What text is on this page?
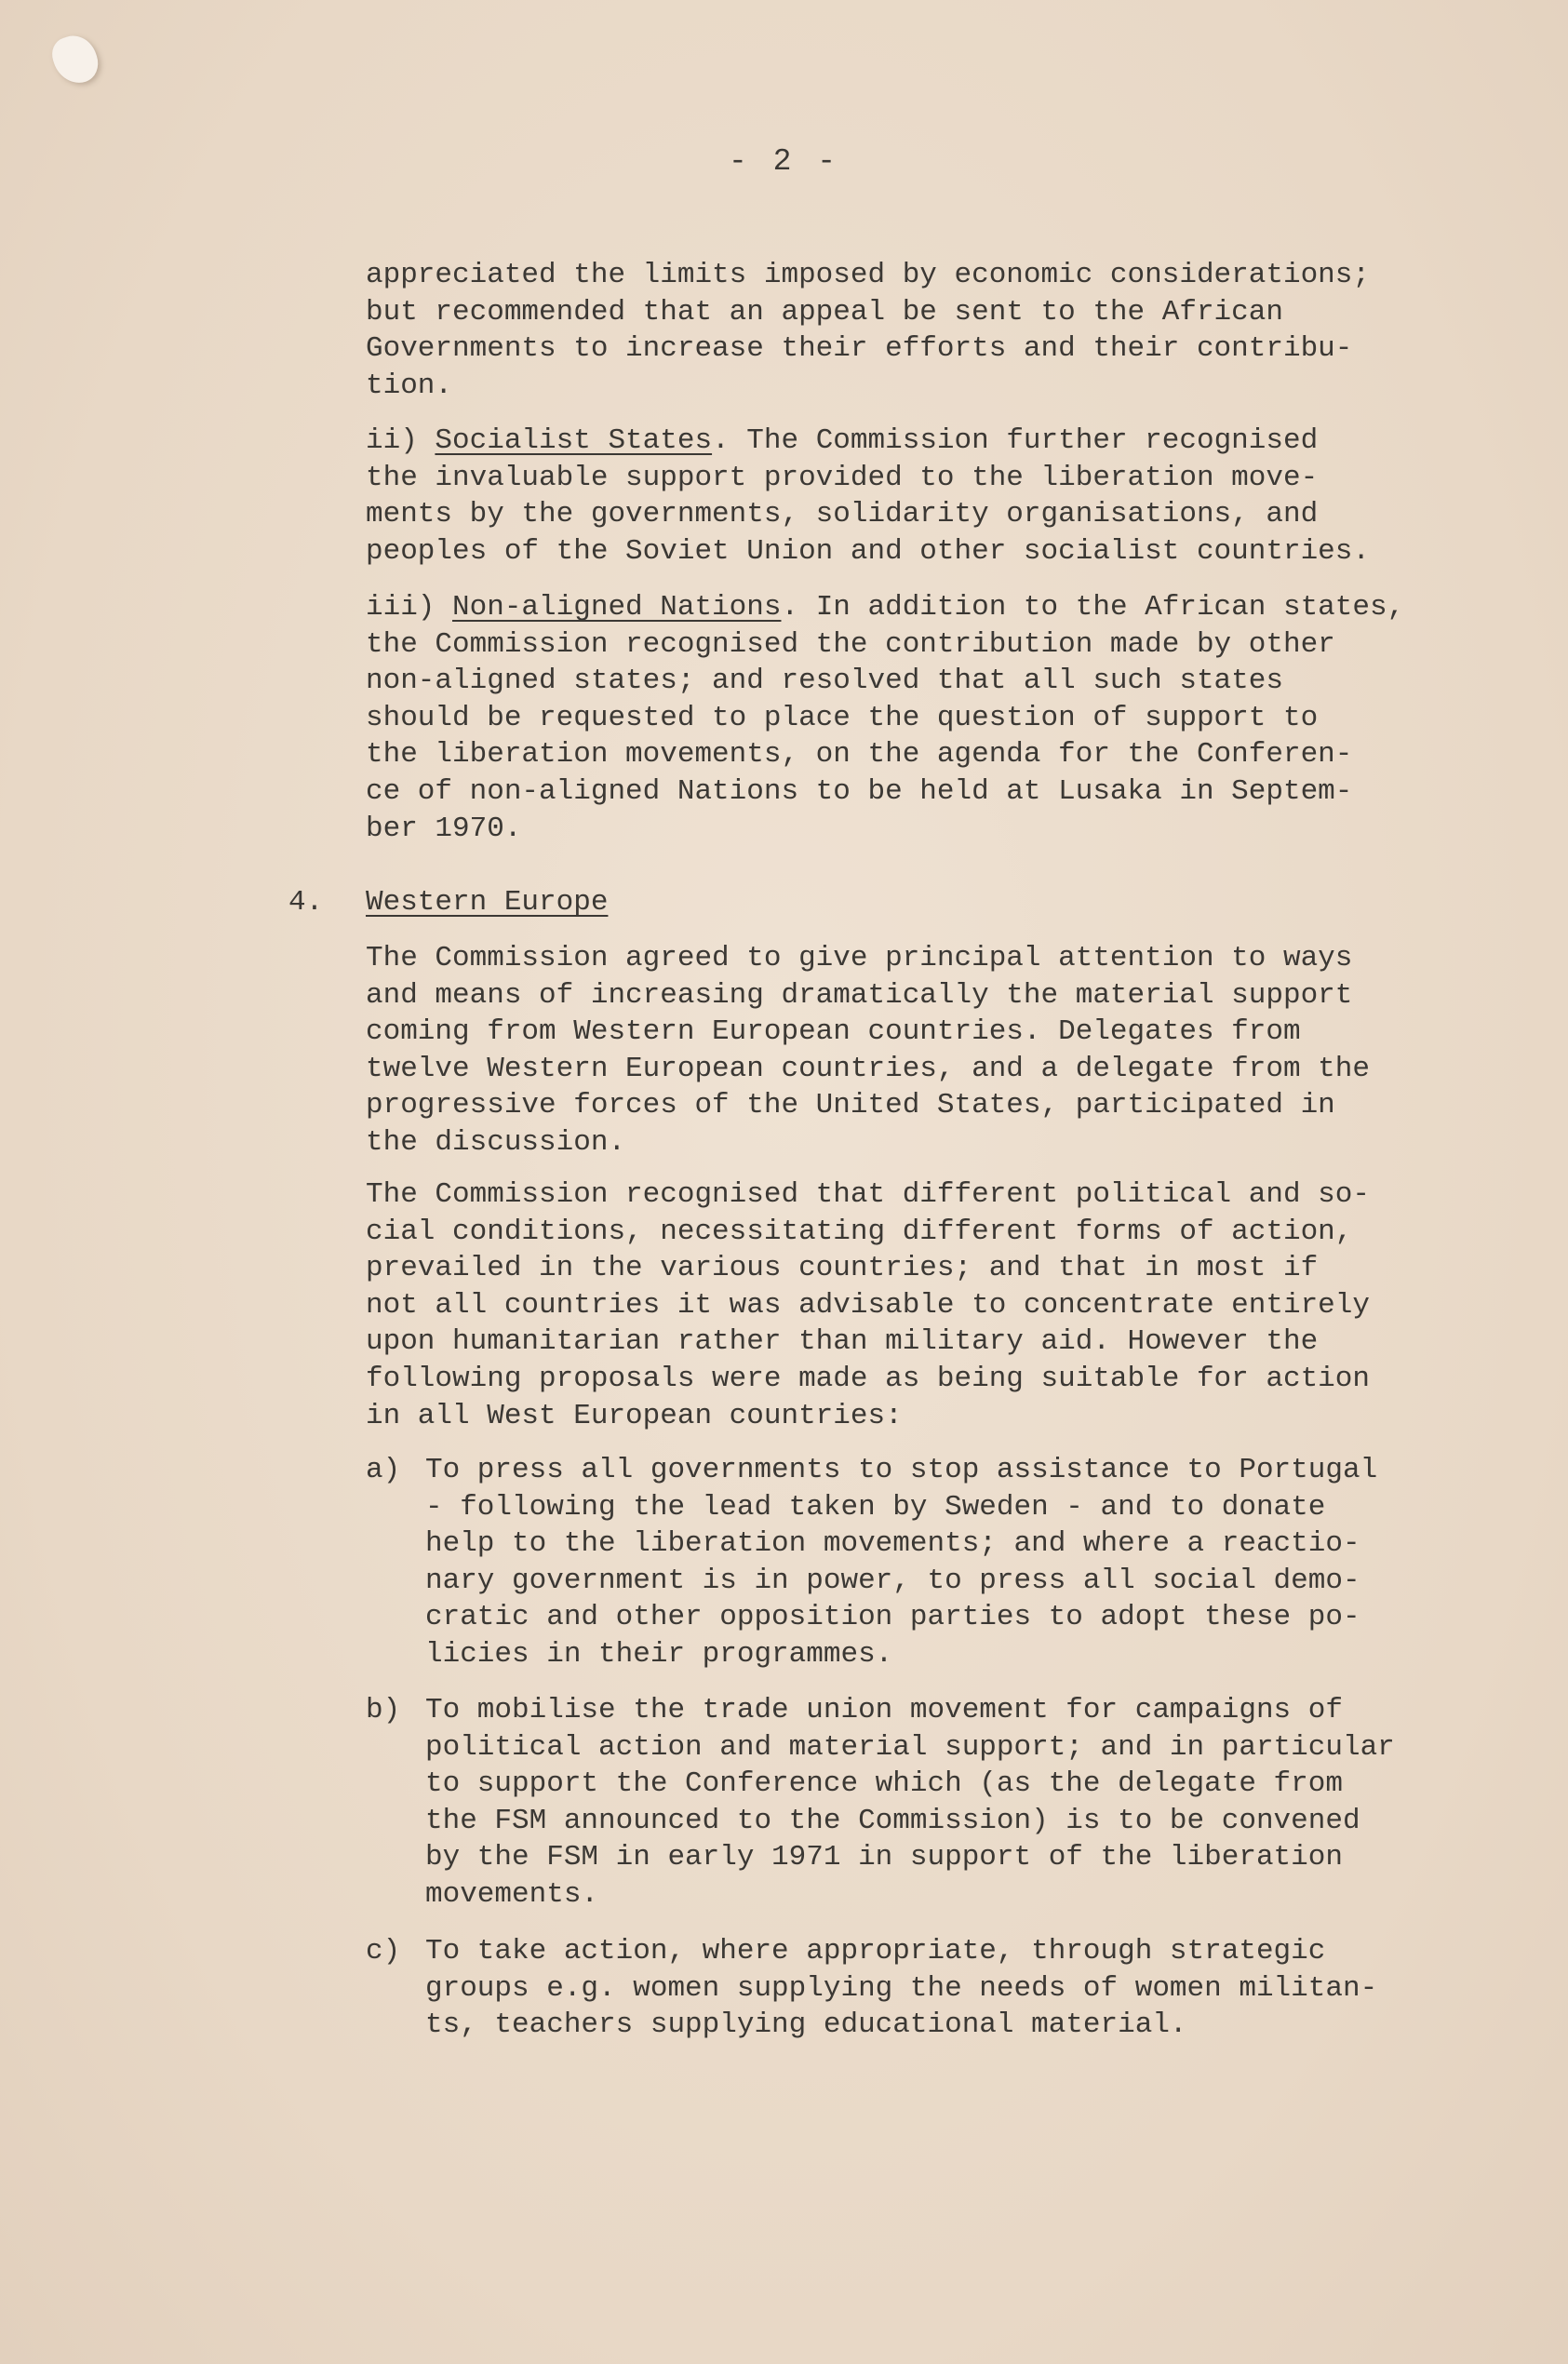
- 2 -
appreciated the limits imposed by economic considerations;
but recommended that an appeal be sent to the African
Governments to increase their efforts and their contribu-
tion.
ii) Socialist States. The Commission further recognised
the invaluable support provided to the liberation move-
ments by the governments, solidarity organisations, and
peoples of the Soviet Union and other socialist countries.
iii) Non-aligned Nations. In addition to the African states,
the Commission recognised the contribution made by other
non-aligned states; and resolved that all such states
should be requested to place the question of support to
the liberation movements, on the agenda for the Conferen-
ce of non-aligned Nations to be held at Lusaka in Septem-
ber 1970.
4. Western Europe
The Commission agreed to give principal attention to ways
and means of increasing dramatically the material support
coming from Western European countries. Delegates from
twelve Western European countries, and a delegate from the
progressive forces of the United States, participated in
the discussion.
The Commission recognised that different political and so-
cial conditions, necessitating different forms of action,
prevailed in the various countries; and that in most if
not all countries it was advisable to concentrate entirely
upon humanitarian rather than military aid. However the
following proposals were made as being suitable for action
in all West European countries:
a) To press all governments to stop assistance to Portugal
- following the lead taken by Sweden - and to donate
help to the liberation movements; and where a reactio-
nary government is in power, to press all social demo-
cratic and other opposition parties to adopt these po-
licies in their programmes.
b) To mobilise the trade union movement for campaigns of
political action and material support; and in particular
to support the Conference which (as the delegate from
the FSM announced to the Commission) is to be convened
by the FSM in early 1971 in support of the liberation
movements.
c) To take action, where appropriate, through strategic
groups e.g. women supplying the needs of women militan-
ts, teachers supplying educational material.
